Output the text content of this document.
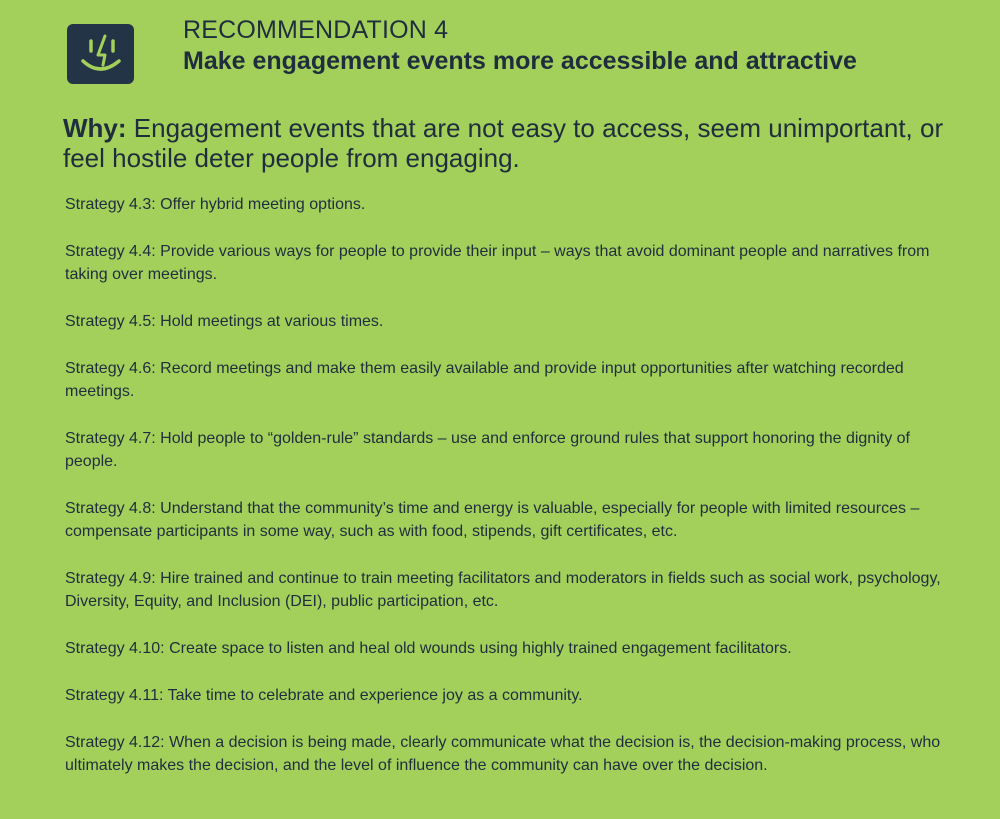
RECOMMENDATION 4
Make engagement events more accessible and attractive
Why: Engagement events that are not easy to access, seem unimportant, or feel hostile deter people from engaging.
Strategy 4.3: Offer hybrid meeting options.
Strategy 4.4: Provide various ways for people to provide their input – ways that avoid dominant people and narratives from taking over meetings.
Strategy 4.5: Hold meetings at various times.
Strategy 4.6: Record meetings and make them easily available and provide input opportunities after watching recorded meetings.
Strategy 4.7: Hold people to “golden-rule” standards – use and enforce ground rules that support honoring the dignity of people.
Strategy 4.8: Understand that the community’s time and energy is valuable, especially for people with limited resources – compensate participants in some way, such as with food, stipends, gift certificates, etc.
Strategy 4.9: Hire trained and continue to train meeting facilitators and moderators in fields such as social work, psychology, Diversity, Equity, and Inclusion (DEI), public participation, etc.
Strategy 4.10: Create space to listen and heal old wounds using highly trained engagement facilitators.
Strategy 4.11: Take time to celebrate and experience joy as a community.
Strategy 4.12: When a decision is being made, clearly communicate what the decision is, the decision-making process, who ultimately makes the decision, and the level of influence the community can have over the decision.
